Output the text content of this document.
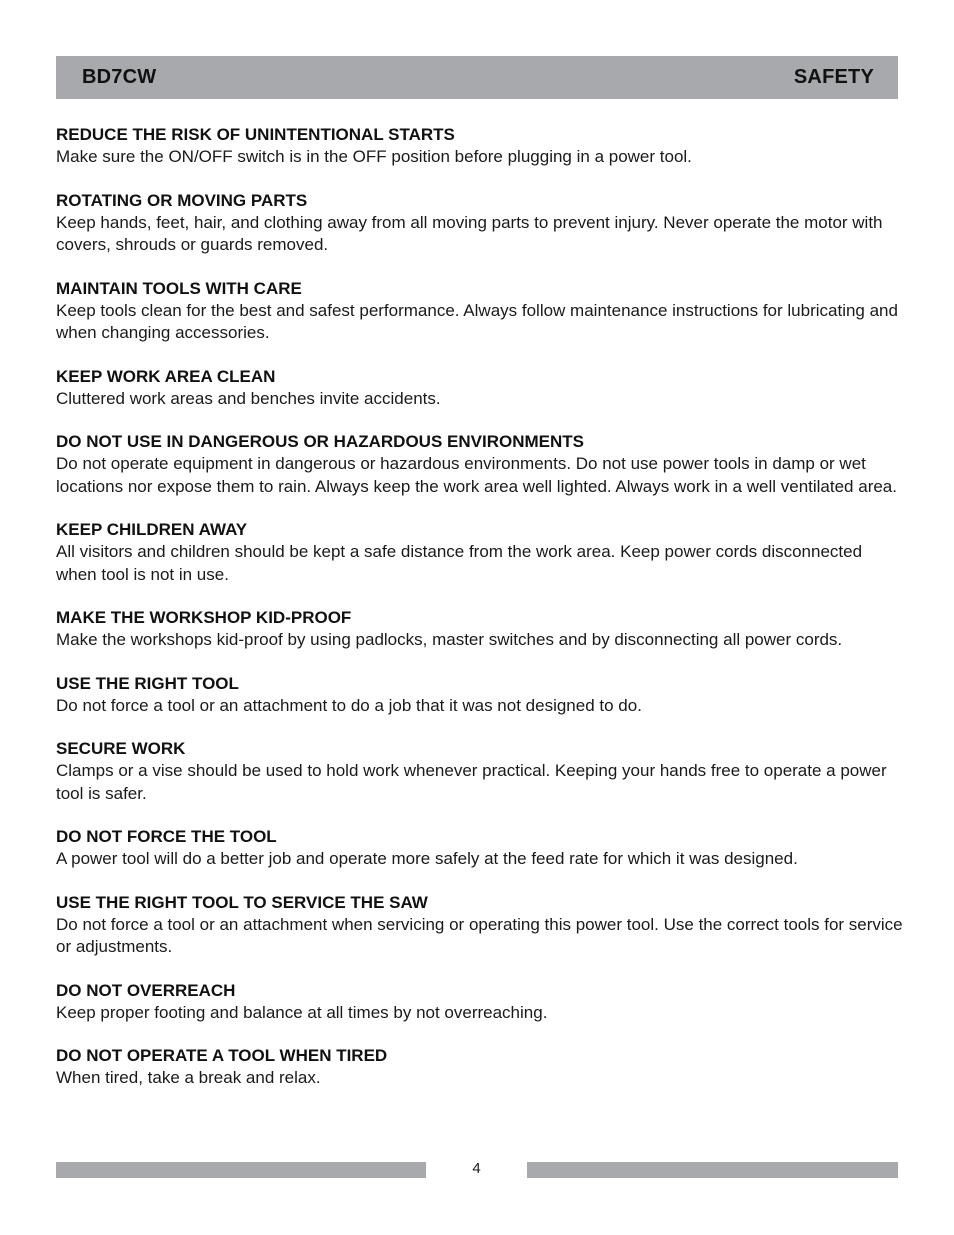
BD7CW	SAFETY
REDUCE THE RISK OF UNINTENTIONAL STARTS

Make sure the ON/OFF switch is in the OFF position before plugging in a power tool.

ROTATING OR MOVING PARTS

Keep hands, feet, hair, and clothing away from all moving parts to prevent injury. Never operate the motor with covers, shrouds or guards removed.

MAINTAIN TOOLS WITH CARE

Keep tools clean for the best and safest performance. Always follow maintenance instructions for lubricating and when changing accessories.

KEEP WORK AREA CLEAN

Cluttered work areas and benches invite accidents.

DO NOT USE IN DANGEROUS OR HAZARDOUS ENVIRONMENTS

Do not operate equipment in dangerous or hazardous environments. Do not use power tools in damp or wet locations nor expose them to rain. Always keep the work area well lighted. Always work in a well ventilated area.

KEEP CHILDREN AWAY

All visitors and children should be kept a safe distance from the work area. Keep power cords disconnected when tool is not in use.

MAKE THE WORKSHOP KID-PROOF

Make the workshops kid-proof by using padlocks, master switches and by disconnecting all power cords.

USE THE RIGHT TOOL

Do not force a tool or an attachment to do a job that it was not designed to do.

SECURE WORK

Clamps or a vise should be used to hold work whenever practical. Keeping your hands free to operate a power tool is safer.

DO NOT FORCE THE TOOL

A power tool will do a better job and operate more safely at the feed rate for which it was designed.

USE THE RIGHT TOOL TO SERVICE THE SAW

Do not force a tool or an attachment when servicing or operating this power tool. Use the correct tools for service or adjustments.

DO NOT OVERREACH

Keep proper footing and balance at all times by not overreaching.

DO NOT OPERATE A TOOL WHEN TIRED

When tired, take a break and relax.

4
